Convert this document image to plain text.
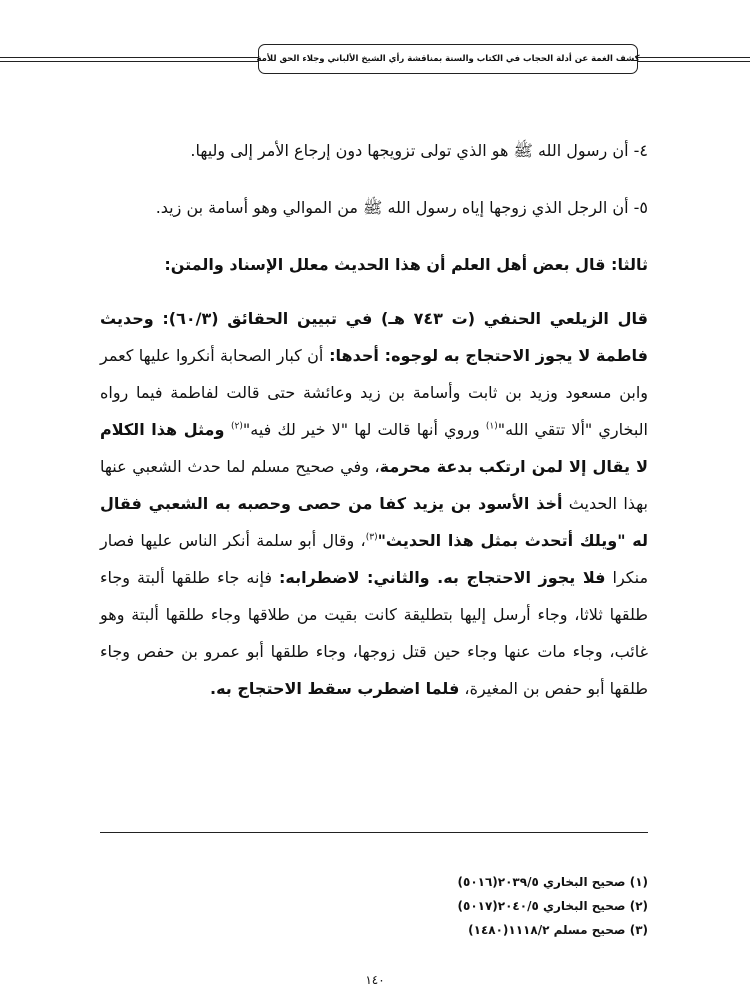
كشف الغمة عن أدلة الحجاب في الكتاب والسنة بمناقشة رأي الشيخ الألباني وجلاء الحق للأمة

٤- أن رسول الله ﷺ هو الذي تولى تزويجها دون إرجاع الأمر إلى وليها.

٥- أن الرجل الذي زوجها إياه رسول الله ﷺ من الموالي وهو أسامة بن زيد.

ثالثا: قال بعض أهل العلم أن هذا الحديث معلل الإسناد والمتن:

قال الزيلعي الحنفي (ت ٧٤٣ هـ) في تبيين الحقائق (٦٠/٣): وحديث فاطمة لا يجوز الاحتجاج به لوجوه: أحدها: أن كبار الصحابة أنكروا عليها كعمر وابن مسعود وزيد بن ثابت وأسامة بن زيد وعائشة حتى قالت لفاطمة فيما رواه البخاري "ألا تتقي الله"$^{(١)}$ وروي أنها قالت لها "لا خير لك فيه"$^{(٢)}$ ومثل هذا الكلام لا يقال إلا لمن ارتكب بدعة محرمة، وفي صحيح مسلم لما حدث الشعبي عنها بهذا الحديث أخذ الأسود بن يزيد كفا من حصى وحصبه به الشعبي فقال له "ويلك أتحدث بمثل هذا الحديث"$^{(٣)}$، وقال أبو سلمة أنكر الناس عليها فصار منكرا فلا يجوز الاحتجاج به. والثاني: لاضطرابه: فإنه جاء طلقها ألبتة وجاء طلقها ثلاثا، وجاء أرسل إليها بتطليقة كانت بقيت من طلاقها وجاء طلقها ألبتة وهو غائب، وجاء مات عنها وجاء حين قتل زوجها، وجاء طلقها أبو عمرو بن حفص وجاء طلقها أبو حفص بن المغيرة، فلما اضطرب سقط الاحتجاج به.

(١) صحيح البخاري ٢٠٣٩/٥(٥٠١٦)
(٢) صحيح البخاري ٢٠٤٠/٥(٥٠١٧)
(٣) صحيح مسلم ١١١٨/٢(١٤٨٠)
١٤٠
